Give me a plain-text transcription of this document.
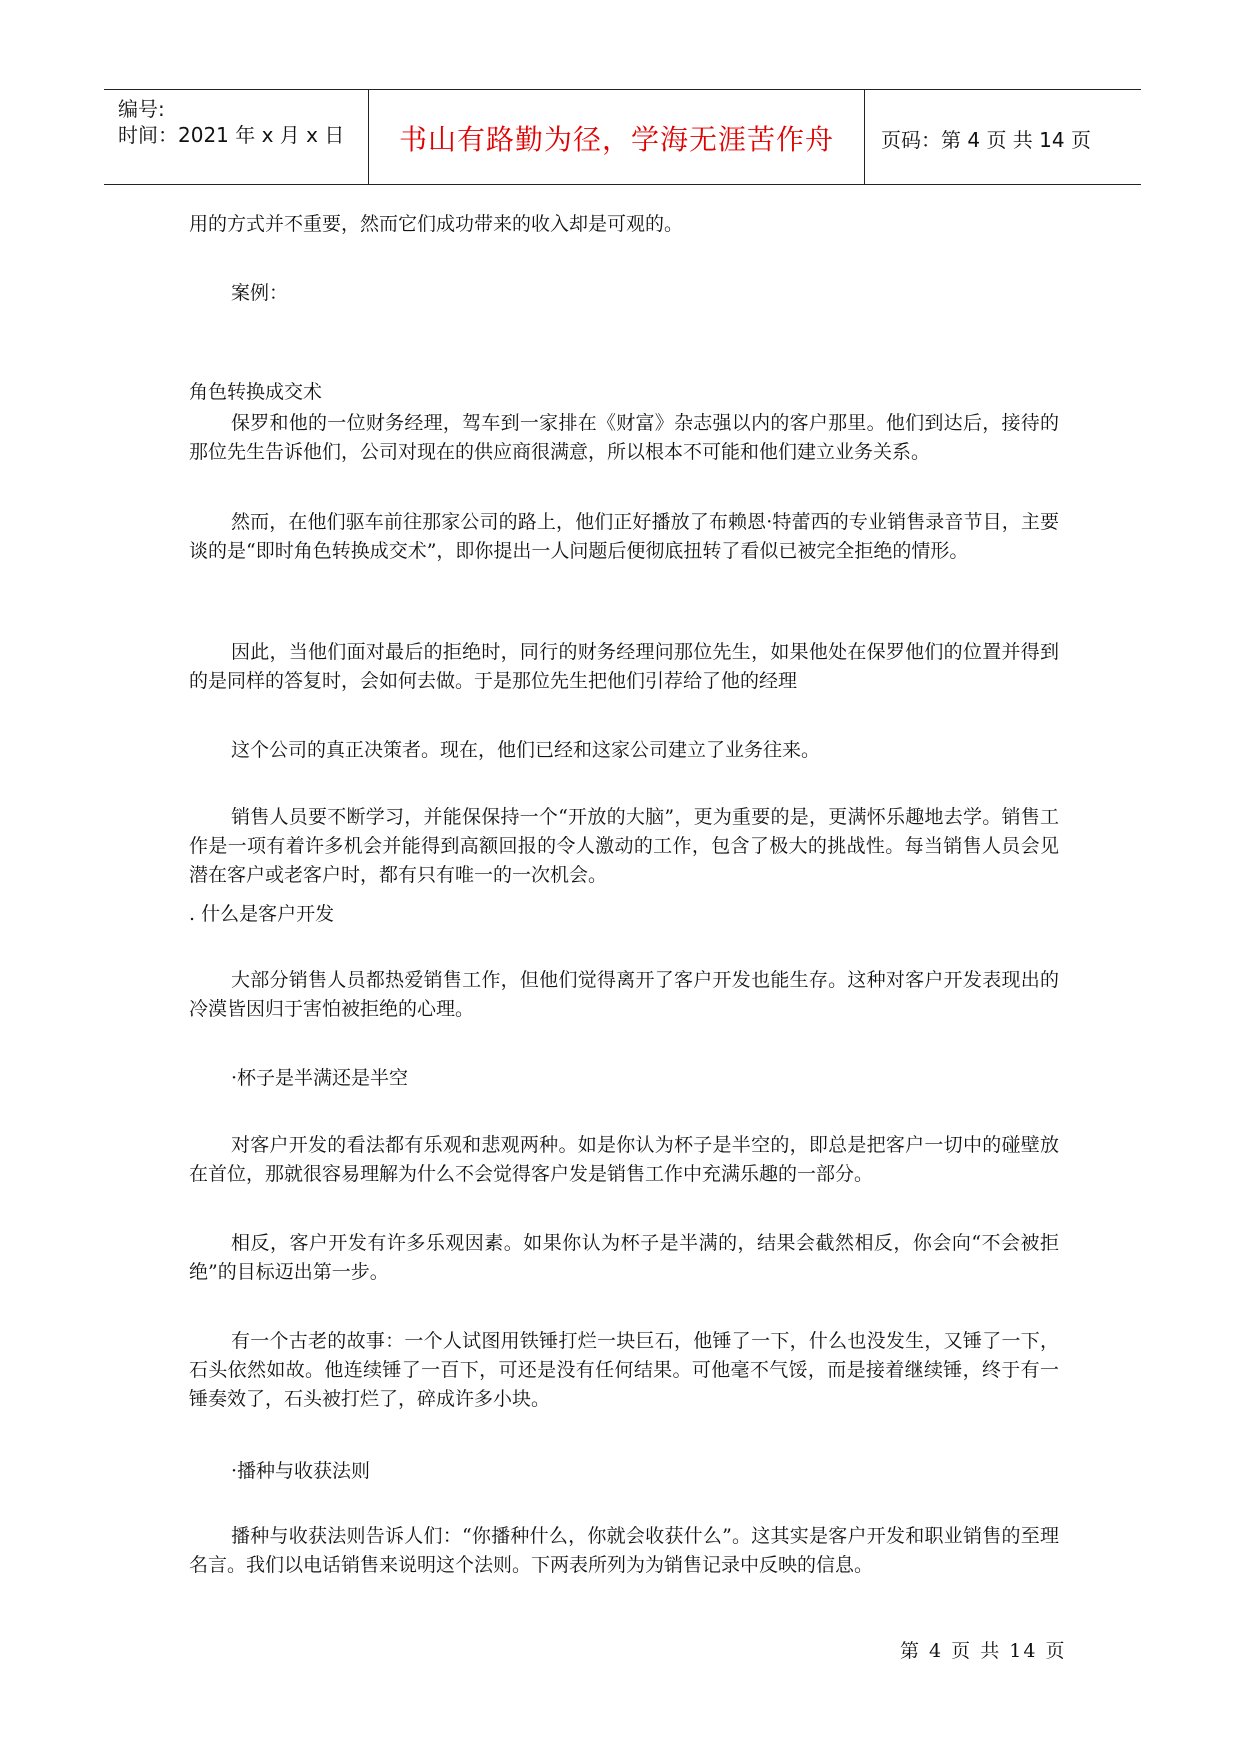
编号:
时间：2021 年 x 月 x 日	书山有路勤为径，学海无涯苦作舟	页码：第 4 页 共 14 页
用的方式并不重要，然而它们成功带来的收入却是可观的。
案例：
角色转换成交术
保罗和他的一位财务经理，驾车到一家排在《财富》杂志强以内的客户那里。他们到达后，接待的那位先生告诉他们，公司对现在的供应商很满意，所以根本不可能和他们建立业务关系。
然而，在他们驱车前往那家公司的路上，他们正好播放了布赖恩·特蕾西的专业销售录音节目，主要谈的是“即时角色转换成交术”，即你提出一人问题后便彻底扭转了看似已被完全拒绝的情形。
因此，当他们面对最后的拒绝时，同行的财务经理问那位先生，如果他处在保罗他们的位置并得到的是同样的答复时，会如何去做。于是那位先生把他们引荐给了他的经理
这个公司的真正决策者。现在，他们已经和这家公司建立了业务往来。
销售人员要不断学习，并能保保持一个“开放的大脑”，更为重要的是，更满怀乐趣地去学。销售工作是一项有着许多机会并能得到高额回报的令人激动的工作，包含了极大的挑战性。每当销售人员会见潜在客户或老客户时，都有只有唯一的一次机会。
. 什么是客户开发
大部分销售人员都热爱销售工作，但他们觉得离开了客户开发也能生存。这种对客户开发表现出的冷漠皆因归于害怕被拒绝的心理。
·杯子是半满还是半空
对客户开发的看法都有乐观和悲观两种。如是你认为杯子是半空的，即总是把客户一切中的碰壁放在首位，那就很容易理解为什么不会觉得客户发是销售工作中充满乐趣的一部分。
相反，客户开发有许多乐观因素。如果你认为杯子是半满的，结果会截然相反，你会向“不会被拒绝”的目标迈出第一步。
有一个古老的故事：一个人试图用铁锤打烂一块巨石，他锤了一下，什么也没发生，又锤了一下，石头依然如故。他连续锤了一百下，可还是没有任何结果。可他毫不气馁，而是接着继续锤，终于有一锤奏效了，石头被打烂了，碎成许多小块。
·播种与收获法则
播种与收获法则告诉人们：“你播种什么，你就会收获什么”。这其实是客户开发和职业销售的至理名言。我们以电话销售来说明这个法则。下两表所列为为销售记录中反映的信息。
第 4 页 共 14 页
